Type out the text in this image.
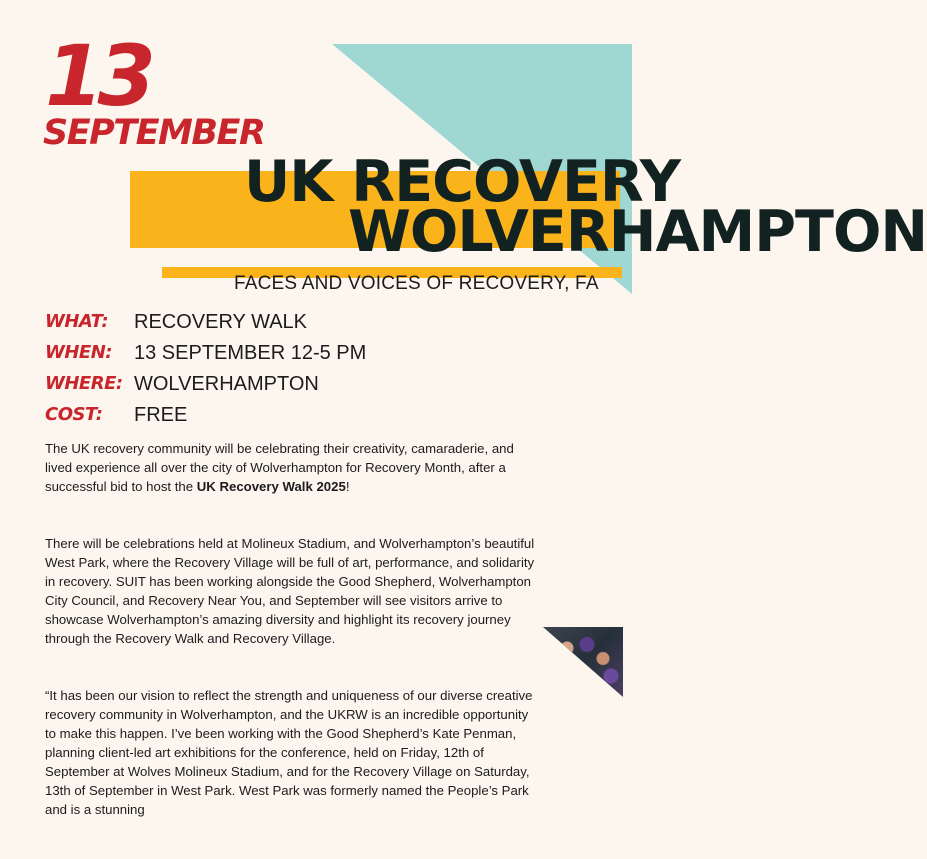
13
SEPTEMBER
UK RECOVERY
WOLVERHAMPTON
FACES AND VOICES OF RECOVERY, FA
WHAT: RECOVERY WALK
WHEN: 13 SEPTEMBER 12-5 PM
WHERE: WOLVERHAMPTON
COST: FREE
The UK recovery community will be celebrating their creativity, camaraderie, and lived experience all over the city of Wolverhampton for Recovery Month, after a successful bid to host the UK Recovery Walk 2025!
There will be celebrations held at Molineux Stadium, and Wolverhampton’s beautiful West Park, where the Recovery Village will be full of art, performance, and solidarity in recovery. SUIT has been working alongside the Good Shepherd, Wolverhampton City Council, and Recovery Near You, and September will see visitors arrive to showcase Wolverhampton’s amazing diversity and highlight its recovery journey through the Recovery Walk and Recovery Village.
“It has been our vision to reflect the strength and uniqueness of our diverse creative recovery community in Wolverhampton, and the UKRW is an incredible opportunity to make this happen. I’ve been working with the Good Shepherd’s Kate Penman, planning client-led art exhibitions for the conference, held on Friday, 12th of September at Wolves Molineux Stadium, and for the Recovery Village on Saturday, 13th of September in West Park. West Park was formerly named the People’s Park and is a stunning
